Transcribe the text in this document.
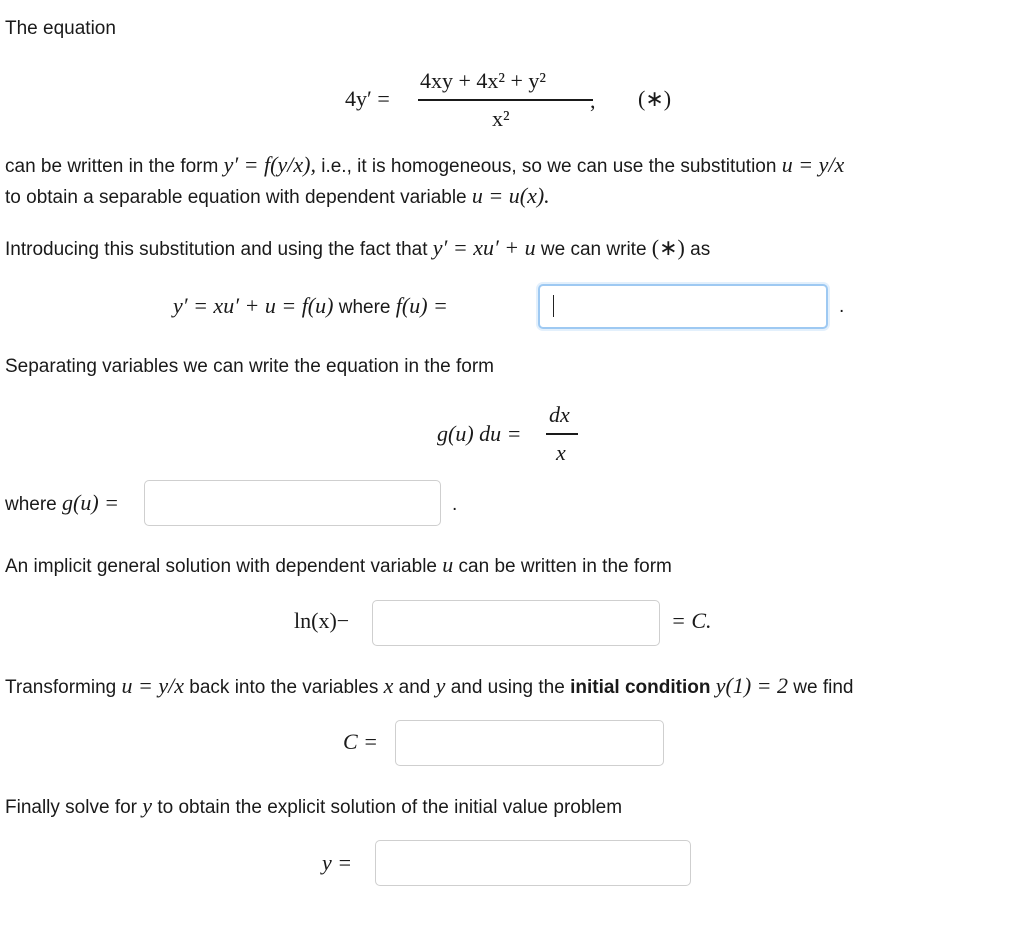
The equation
4y′ =
4xy + 4x² + y²
x²
, (∗)
can be written in the form y′ = f(y/x), i.e., it is homogeneous, so we can use the substitution u = y/x
to obtain a separable equation with dependent variable u = u(x).
Introducing this substitution and using the fact that y′ = xu′ + u we can write (∗) as
y′ = xu′ + u = f(u) where f(u) =	.
Separating variables we can write the equation in the form
g(u) du =
dx
x
where g(u) =	.
An implicit general solution with dependent variable u can be written in the form
ln(x)−	= C.
Transforming u = y/x back into the variables x and y and using the initial condition y(1) = 2 we find
C =
Finally solve for y to obtain the explicit solution of the initial value problem
y =
